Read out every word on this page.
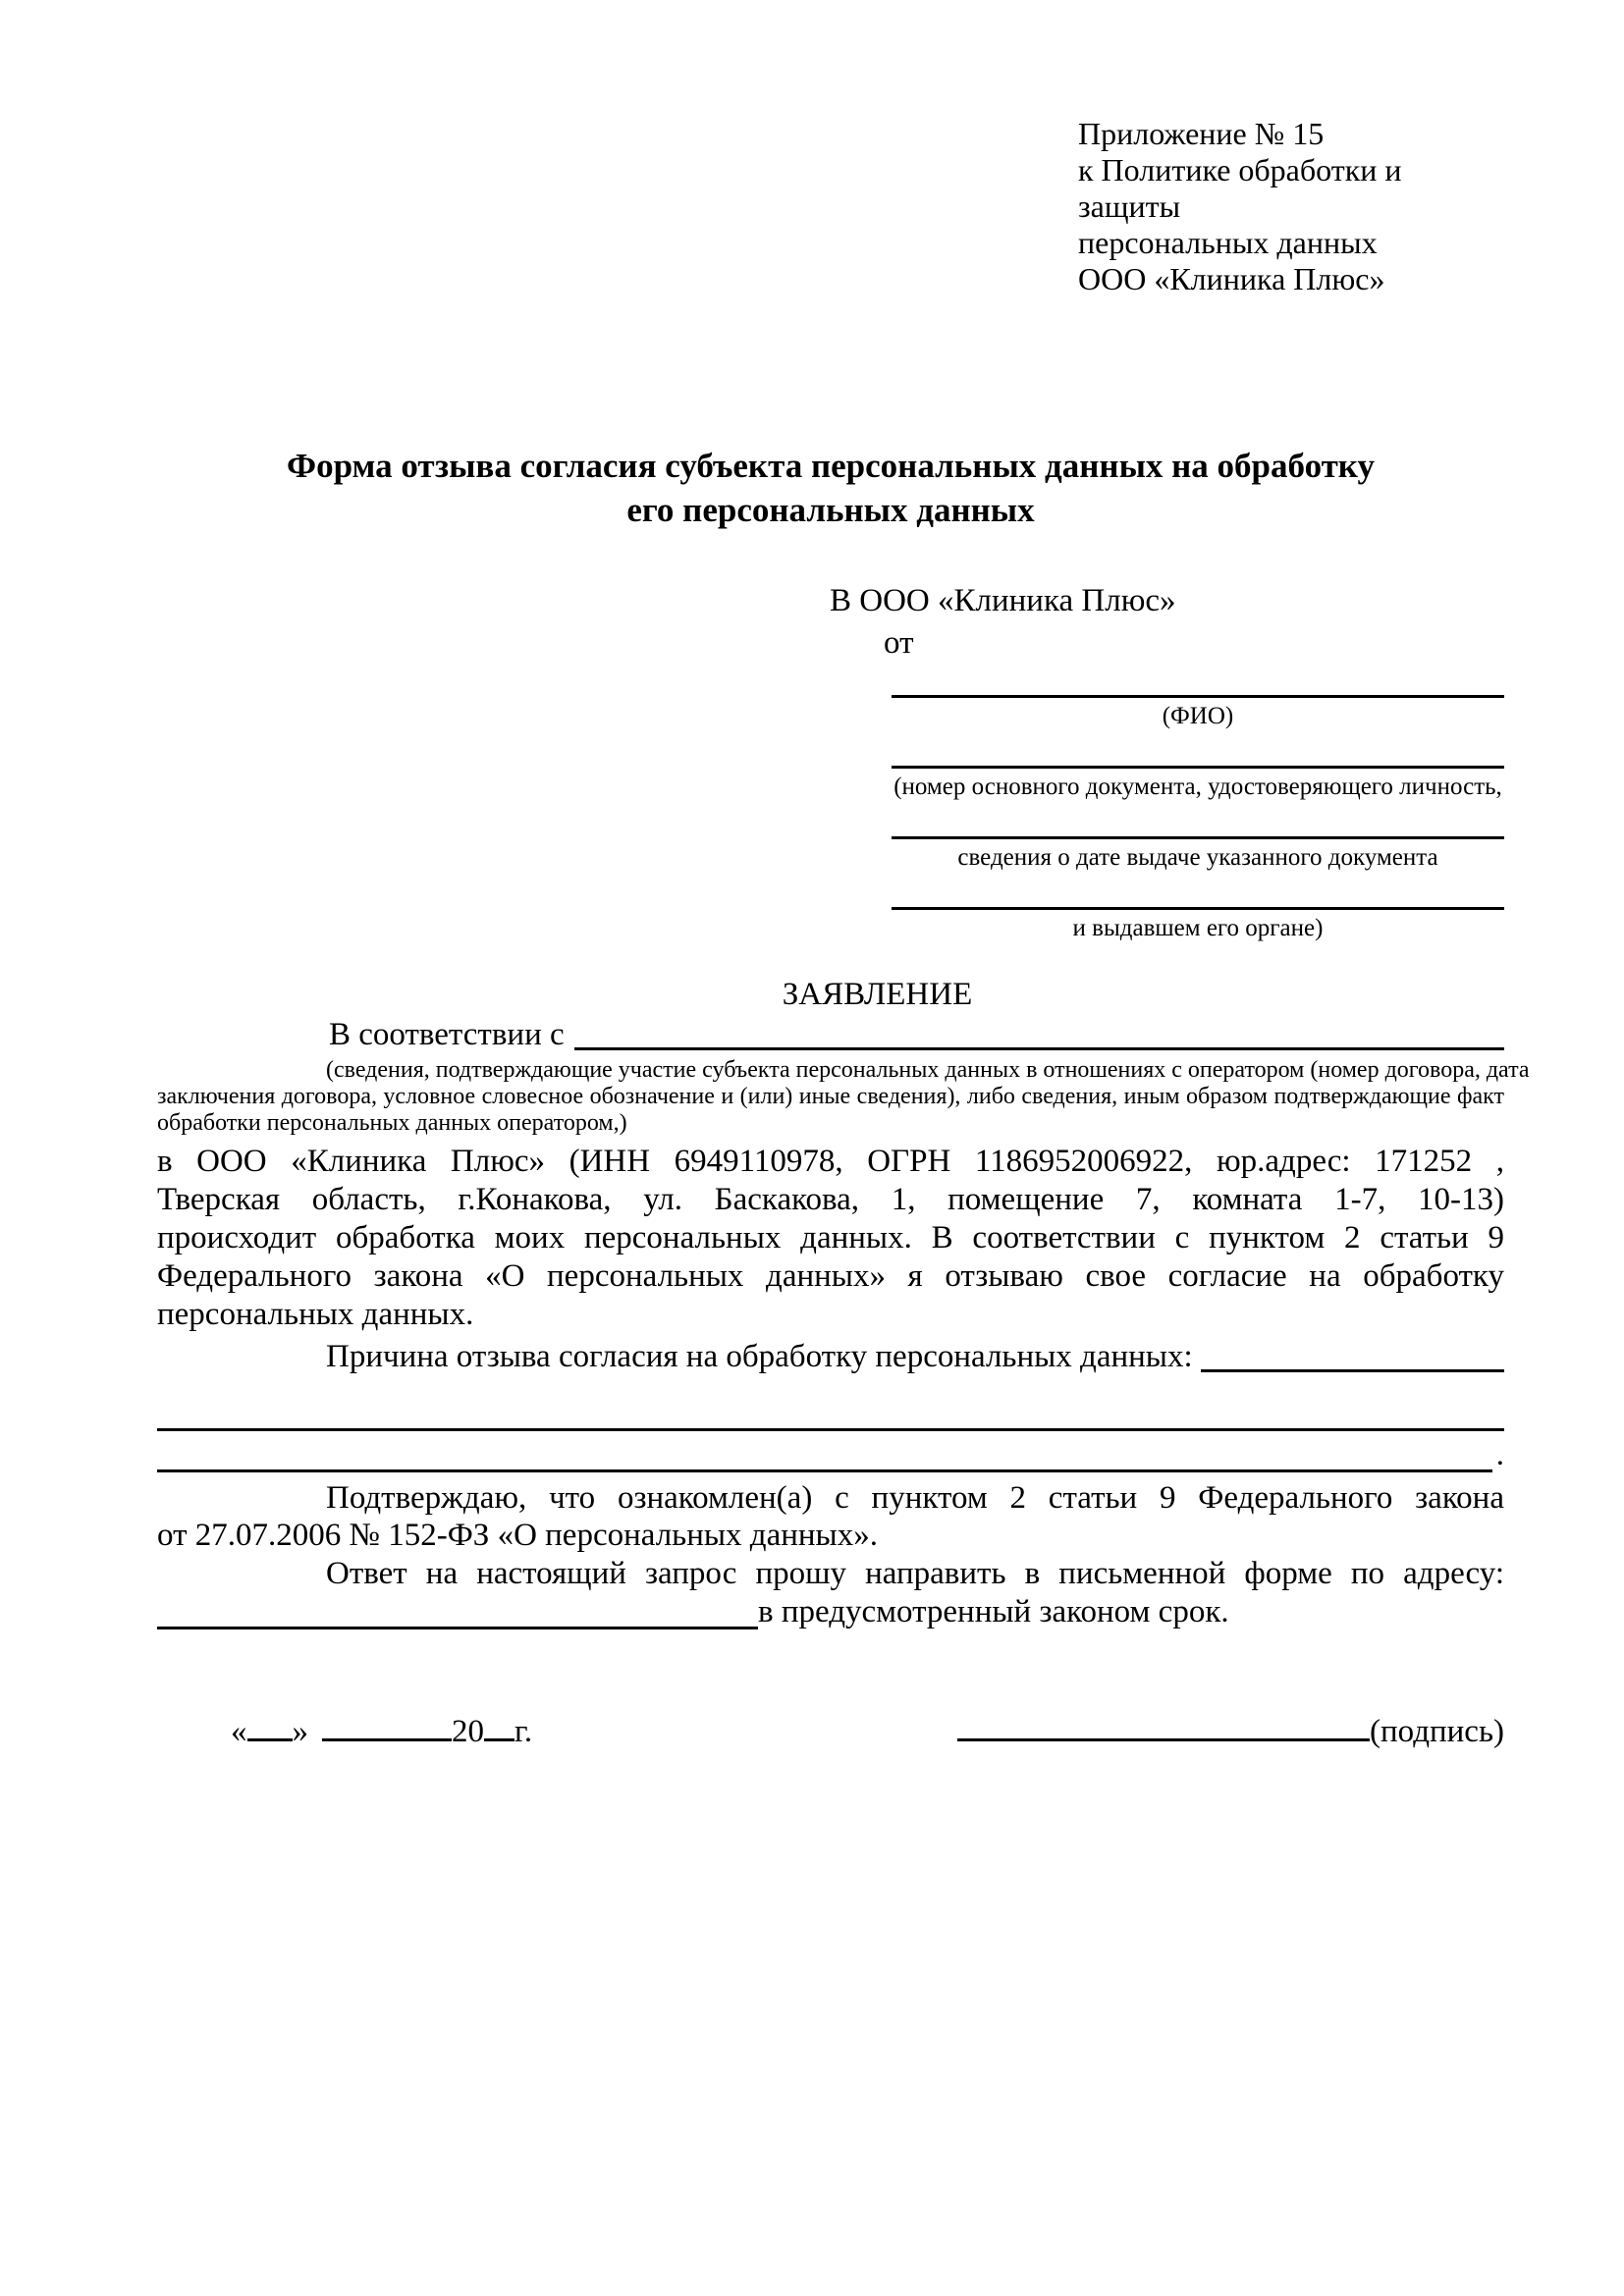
Приложение № 15
к Политике обработки и защиты
персональных данных
ООО «Клиника Плюс»
Форма отзыва согласия субъекта персональных данных на обработку
его персональных данных
В ООО «Клиника Плюс»
от
(ФИО)
(номер основного документа, удостоверяющего личность,
сведения о дате выдаче указанного документа
и выдавшем его органе)
ЗАЯВЛЕНИЕ
В соответствии с
(сведения, подтверждающие участие субъекта персональных данных в отношениях с оператором (номер договора, дата
заключения договора, условное словесное обозначение и (или) иные сведения), либо сведения, иным образом подтверждающие факт
обработки персональных данных оператором,)
в ООО «Клиника Плюс» (ИНН 6949110978, ОГРН 1186952006922, юр.адрес: 171252 ,
Тверская область, г.Конакова, ул. Баскакова, 1, помещение 7, комната 1-7, 10-13)
происходит обработка моих персональных данных. В соответствии с пунктом 2 статьи 9
Федерального закона «О персональных данных» я отзываю свое согласие на обработку
персональных данных.
Причина отзыва согласия на обработку персональных данных:
.
Подтверждаю, что ознакомлен(а) с пунктом 2 статьи 9 Федерального закона
от 27.07.2006 № 152-ФЗ «О персональных данных».
Ответ на настоящий запрос прошу направить в письменной форме по адресу:
в предусмотренный законом срок.
« »	20 г.	(подпись)
